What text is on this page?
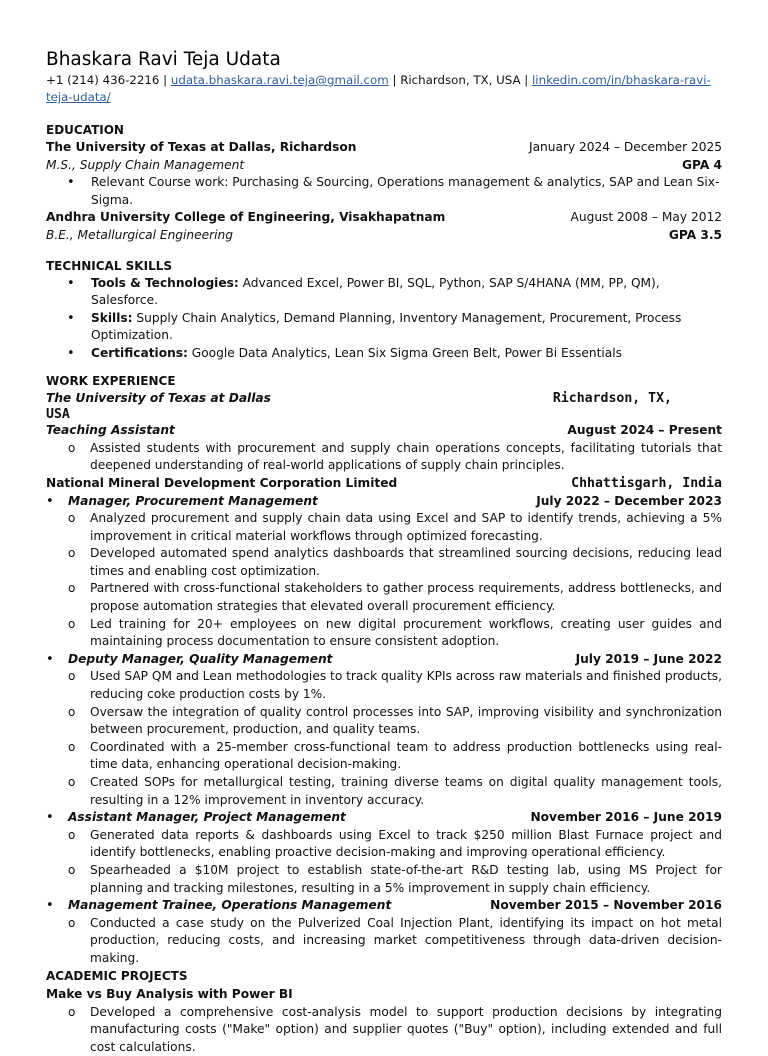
Bhaskara Ravi Teja Udata
+1 (214) 436-2216 | udata.bhaskara.ravi.teja@gmail.com | Richardson, TX, USA | linkedin.com/in/bhaskara-ravi-teja-udata/
EDUCATION
The University of Texas at Dallas, Richardson	January 2024 – December 2025
M.S., Supply Chain Management	GPA 4
• Relevant Course work: Purchasing & Sourcing, Operations management & analytics, SAP and Lean Six-Sigma.
Andhra University College of Engineering, Visakhapatnam	August 2008 – May 2012
B.E., Metallurgical Engineering	GPA 3.5
TECHNICAL SKILLS
• Tools & Technologies: Advanced Excel, Power BI, SQL, Python, SAP S/4HANA (MM, PP, QM), Salesforce.
• Skills: Supply Chain Analytics, Demand Planning, Inventory Management, Procurement, Process Optimization.
• Certifications: Google Data Analytics, Lean Six Sigma Green Belt, Power Bi Essentials
WORK EXPERIENCE
The University of Texas at Dallas	Richardson, TX,
USA
Teaching Assistant	August 2024 – Present
o Assisted students with procurement and supply chain operations concepts, facilitating tutorials that deepened understanding of real-world applications of supply chain principles.
National Mineral Development Corporation Limited	Chhattisgarh, India
• Manager, Procurement Management	July 2022 – December 2023
o Analyzed procurement and supply chain data using Excel and SAP to identify trends, achieving a 5% improvement in critical material workflows through optimized forecasting.
o Developed automated spend analytics dashboards that streamlined sourcing decisions, reducing lead times and enabling cost optimization.
o Partnered with cross-functional stakeholders to gather process requirements, address bottlenecks, and propose automation strategies that elevated overall procurement efficiency.
o Led training for 20+ employees on new digital procurement workflows, creating user guides and maintaining process documentation to ensure consistent adoption.
• Deputy Manager, Quality Management	July 2019 – June 2022
o Used SAP QM and Lean methodologies to track quality KPIs across raw materials and finished products, reducing coke production costs by 1%.
o Oversaw the integration of quality control processes into SAP, improving visibility and synchronization between procurement, production, and quality teams.
o Coordinated with a 25-member cross-functional team to address production bottlenecks using real-time data, enhancing operational decision-making.
o Created SOPs for metallurgical testing, training diverse teams on digital quality management tools, resulting in a 12% improvement in inventory accuracy.
• Assistant Manager, Project Management	November 2016 – June 2019
o Generated data reports & dashboards using Excel to track $250 million Blast Furnace project and identify bottlenecks, enabling proactive decision-making and improving operational efficiency.
o Spearheaded a $10M project to establish state-of-the-art R&D testing lab, using MS Project for planning and tracking milestones, resulting in a 5% improvement in supply chain efficiency.
• Management Trainee, Operations Management	November 2015 – November 2016
o Conducted a case study on the Pulverized Coal Injection Plant, identifying its impact on hot metal production, reducing costs, and increasing market competitiveness through data-driven decision-making.
ACADEMIC PROJECTS
Make vs Buy Analysis with Power BI
o Developed a comprehensive cost-analysis model to support production decisions by integrating manufacturing costs ("Make" option) and supplier quotes ("Buy" option), including extended and full cost calculations.
